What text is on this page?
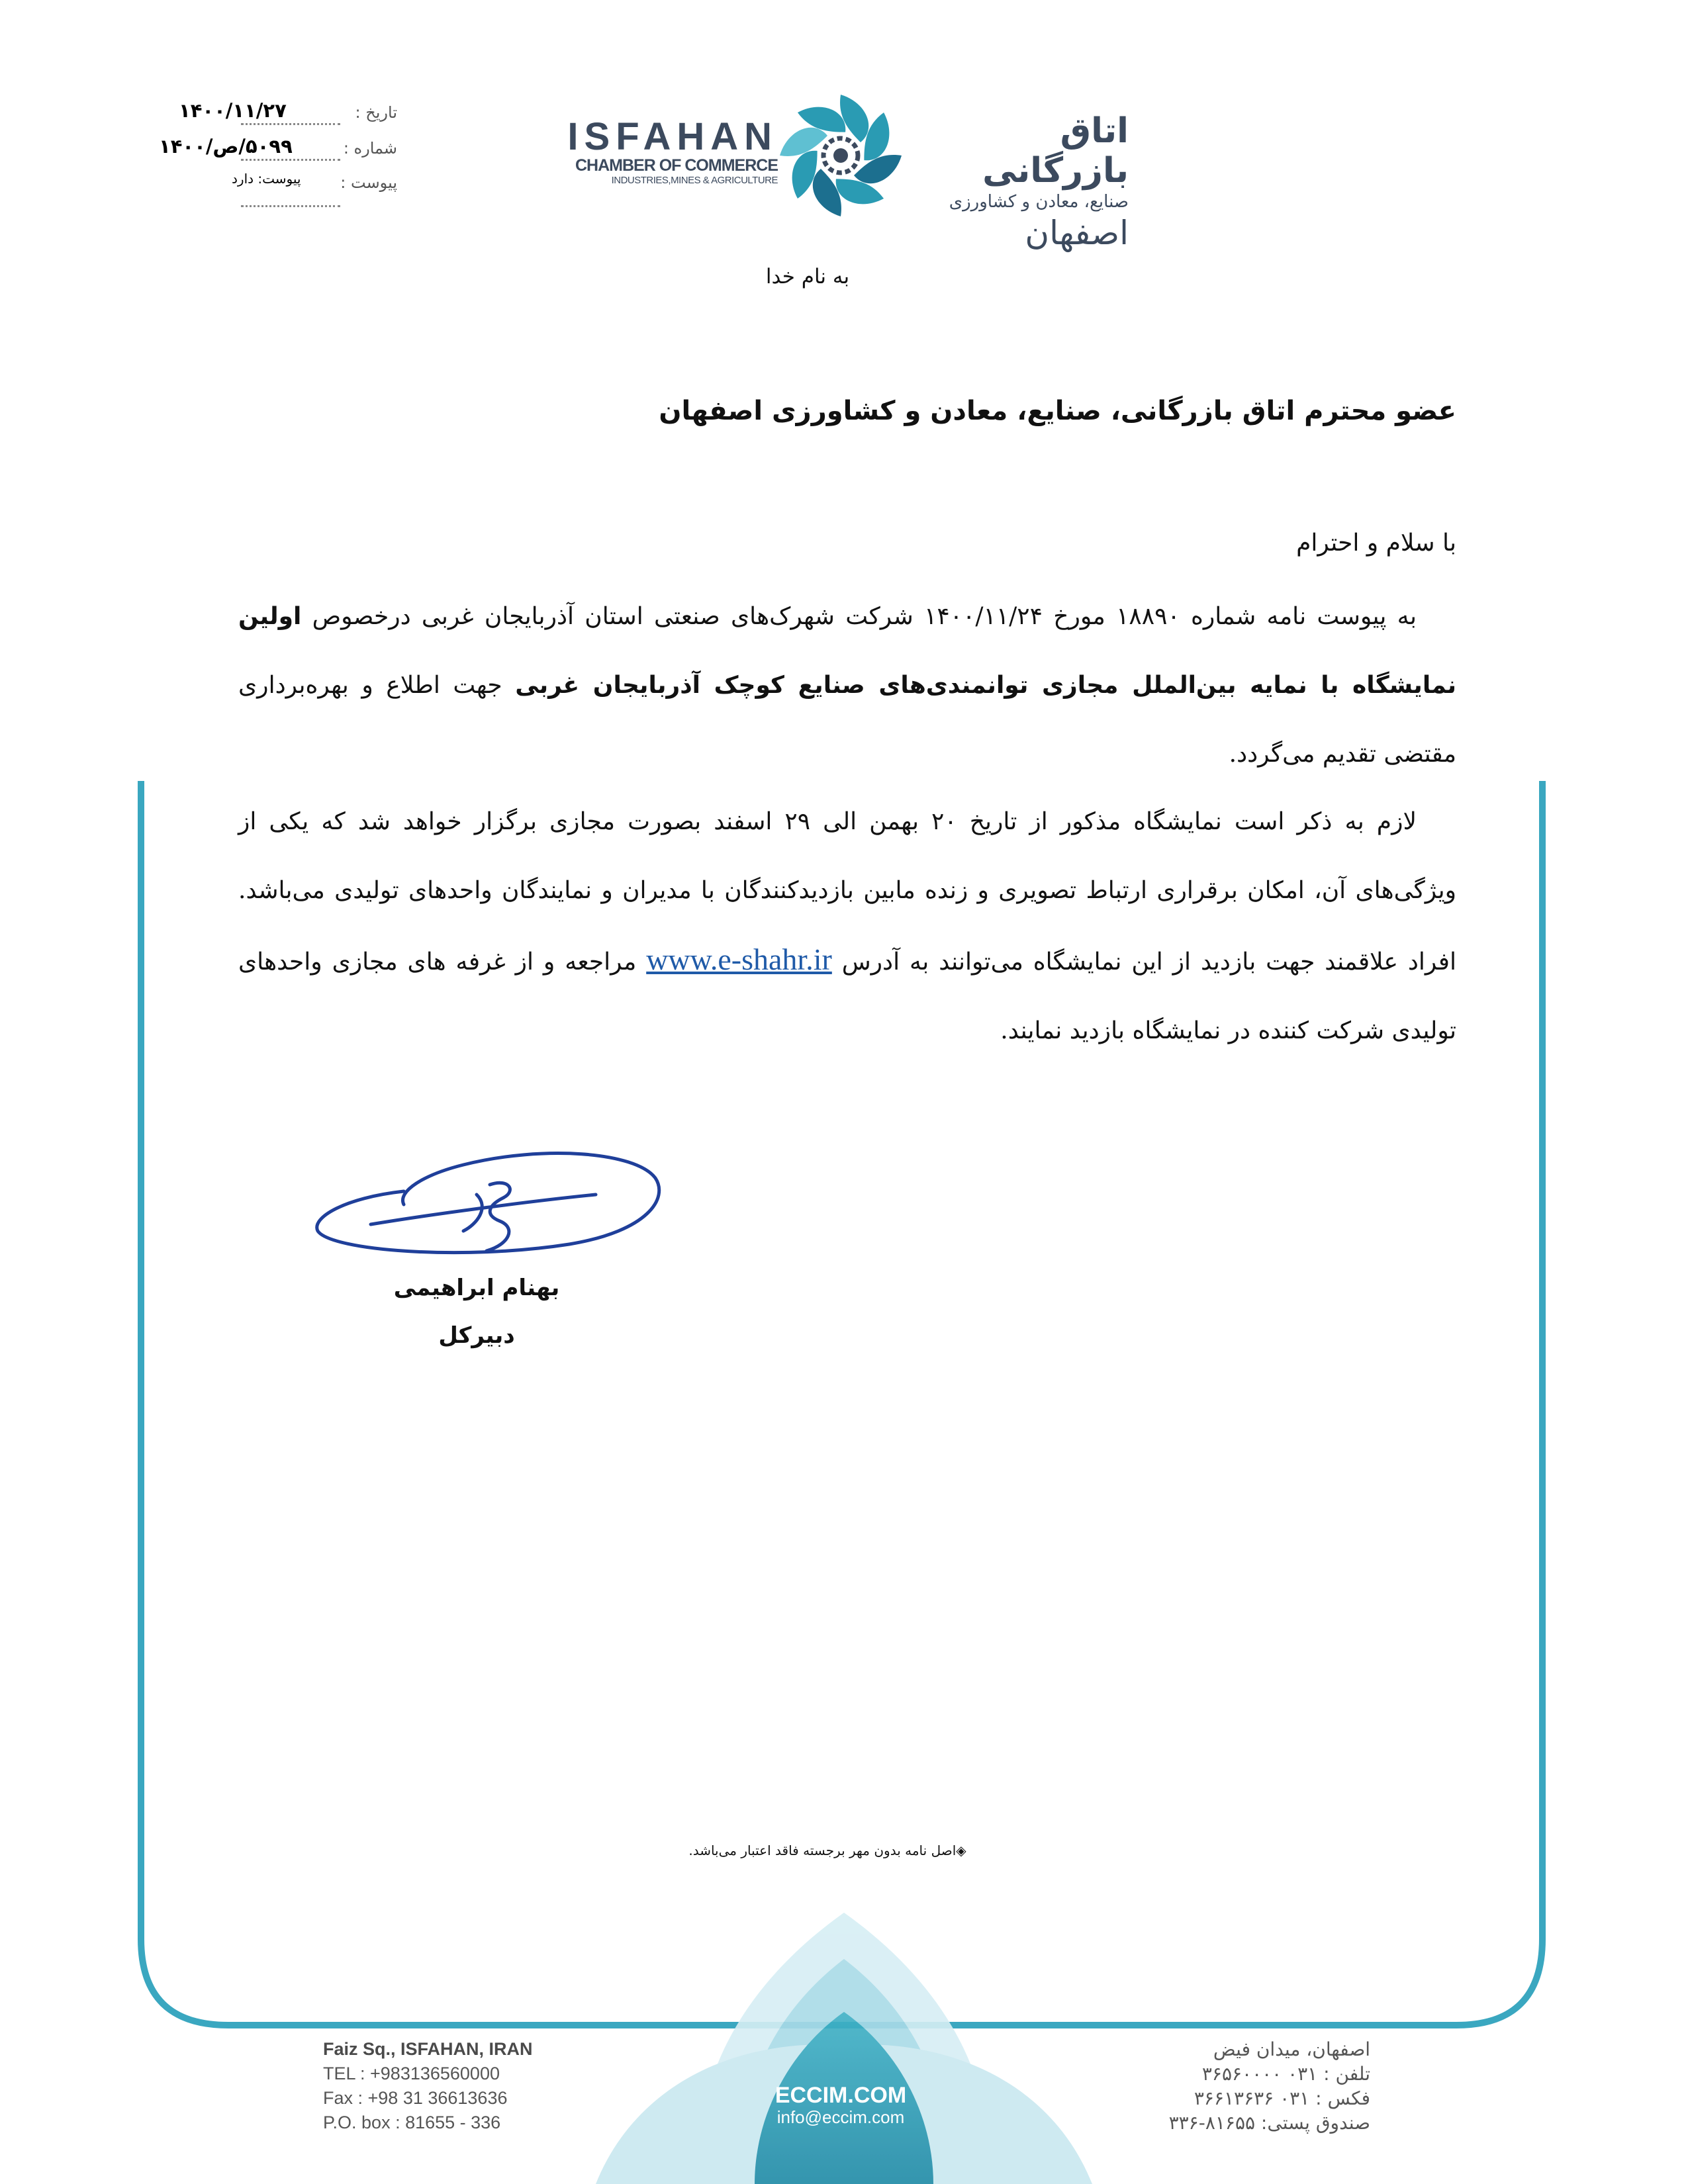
تاریخ :
۱۴۰۰/۱۱/۲۷
شماره :
۵۰۹۹/ص/۱۴۰۰
پیوست :
پیوست: دارد
ISFAHAN
CHAMBER OF COMMERCE
INDUSTRIES,MINES & AGRICULTURE
اتاق بازرگانی
صنایع، معادن و کشاورزی
اصفهان
به نام خدا
عضو محترم اتاق بازرگانی، صنایع، معادن و کشاورزی اصفهان
با سلام و احترام
به پیوست نامه شماره ۱۸۸۹۰ مورخ ۱۴۰۰/۱۱/۲۴ شرکت شهرک‌های صنعتی استان آذربایجان غربی درخصوص اولین نمایشگاه با نمایه بین‌الملل مجازی توانمندی‌های صنایع کوچک آذربایجان غربی جهت اطلاع و بهره‌برداری مقتضی تقدیم می‌گردد.
لازم به ذکر است نمایشگاه مذکور از تاریخ ۲۰ بهمن الی ۲۹ اسفند بصورت مجازی برگزار خواهد شد که یکی از ویژگی‌های آن، امکان برقراری ارتباط تصویری و زنده مابین بازدیدکنندگان با مدیران و نمایندگان واحدهای تولیدی می‌باشد. افراد علاقمند جهت بازدید از این نمایشگاه می‌توانند به آدرس www.e-shahr.ir مراجعه و از غرفه های مجازی واحدهای تولیدی شرکت کننده در نمایشگاه بازدید نمایند.
بهنام ابراهیمی
دبیرکل
◈اصل نامه بدون مهر برجسته فاقد اعتبار می‌باشد.
Faiz Sq., ISFAHAN, IRAN
TEL : +983136560000
Fax : +98 31 36613636
P.O. box : 81655 - 336
ECCIM.COM
info@eccim.com
اصفهان، میدان فیض
تلفن : ۰۳۱ ۳۶۵۶۰۰۰۰
فکس : ۰۳۱ ۳۶۶۱۳۶۳۶
صندوق پستی: ۸۱۶۵۵-۳۳۶
